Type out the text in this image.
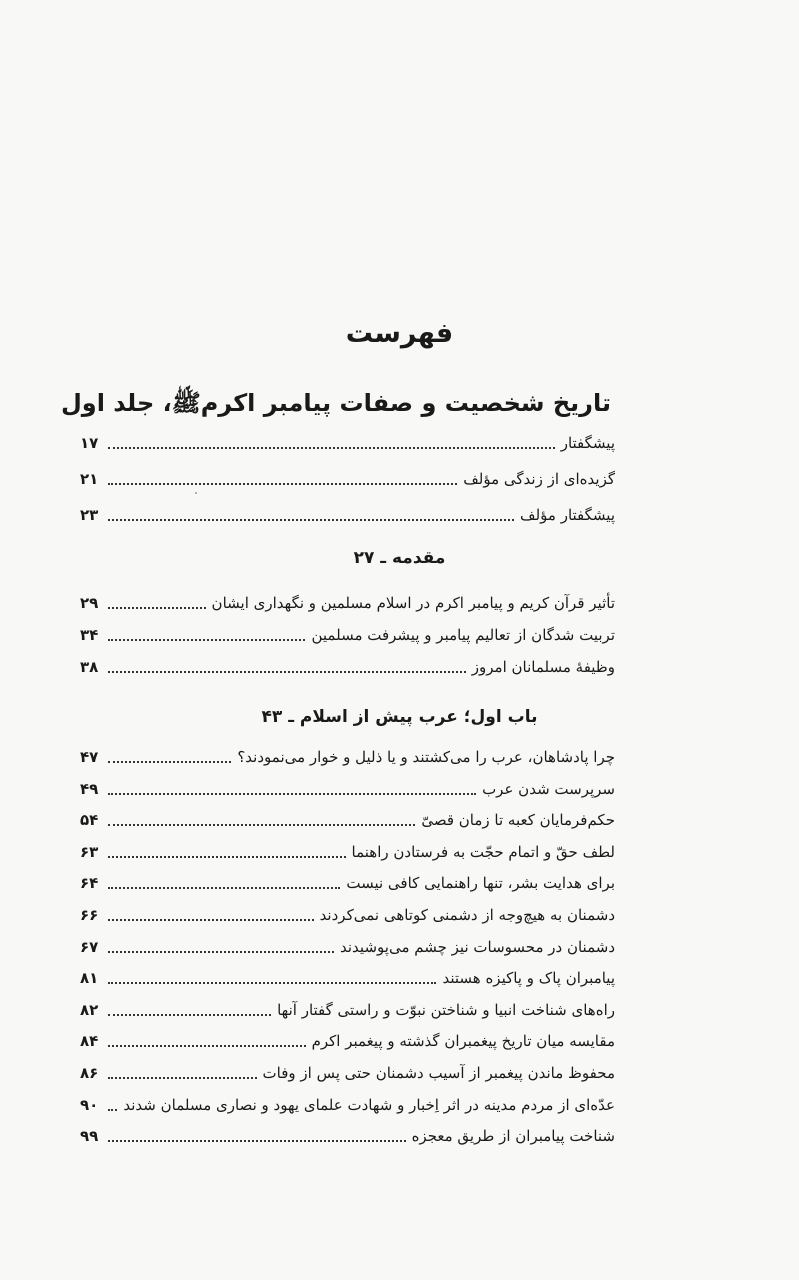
فهرست
تاریخ شخصیت و صفات پیامبر اکرمﷺ، جلد اول
پیشگفتار
۱۷
گزیده‌ای از زندگی مؤلف
۲۱
پیشگفتار مؤلف
۲۳
مقدمه ـ ۲۷
تأثیر قرآن کریم و پیامبر اکرم در اسلام مسلمین و نگهداری ایشان
۲۹
تربیت شدگان از تعالیم پیامبر و پیشرفت مسلمین
۳۴
وظیفۀ مسلمانان امروز
۳۸
باب اول؛ عرب پیش از اسلام ـ ۴۳
چرا پادشاهان، عرب را می‌کشتند و یا ذلیل و خوار می‌نمودند؟
۴۷
سرپرست شدن عرب
۴۹
حکم‌فرمایان کعبه تا زمان قصیّ
۵۴
لطف حقّ و اتمام حجّت به فرستادن راهنما
۶۳
برای هدایت بشر، تنها راهنمایی کافی نیست
۶۴
دشمنان به هیچ‌وجه از دشمنی کوتاهی نمی‌کردند
۶۶
دشمنان در محسوسات نیز چشم می‌پوشیدند
۶۷
پیامبران پاک و پاکیزه هستند
۸۱
راه‌های شناخت انبیا و شناختن نبوّت و راستی گفتار آنها
۸۲
مقایسه میان تاریخ پیغمبران گذشته و پیغمبر اکرم
۸۴
محفوظ ماندن پیغمبر از آسیب دشمنان حتی پس از وفات
۸۶
عدّه‌ای از مردم مدینه در اثر اِخبار و شهادت علمای یهود و نصاری مسلمان شدند
۹۰
شناخت پیامبران از طریق معجزه
۹۹
